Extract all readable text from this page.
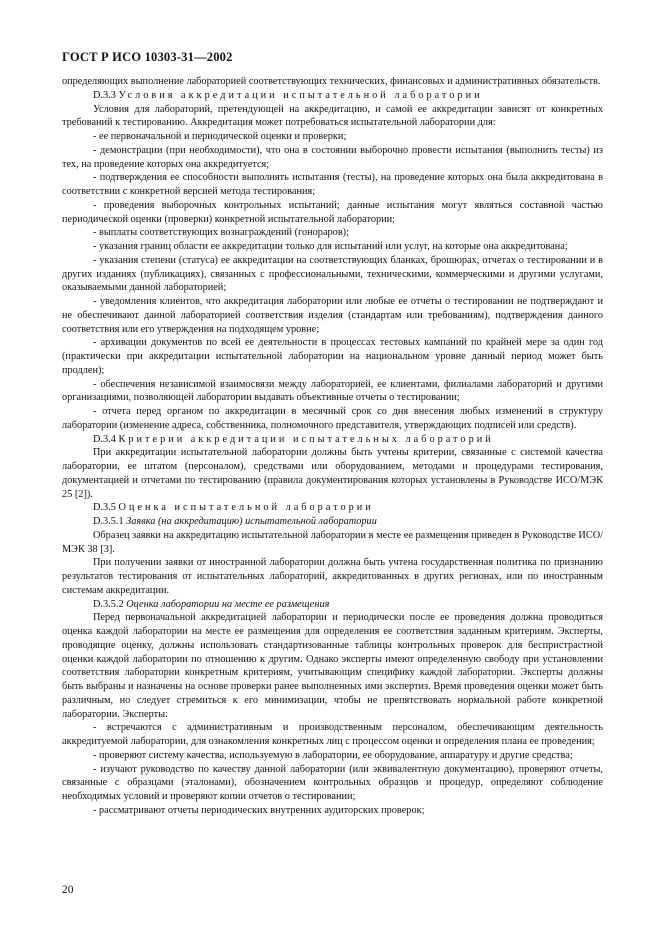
ГОСТ Р ИСО 10303-31—2002

определяющих выполнение лабораторией соответствующих технических, финансовых и административных обязательств.

D.3.3 Условия аккредитации испытательной лаборатории

Условия для лабораторий, претендующей на аккредитацию, и самой ее аккредитации зависят от конкретных требований к тестированию. Аккредитация может потребоваться испытательной лаборатории для:

- ее первоначальной и периодической оценки и проверки;

- демонстрации (при необходимости), что она в состоянии выборочно провести испытания (выполнить тесты) из тех, на проведение которых она аккредитуется;

- подтверждения ее способности выполнять испытания (тесты), на проведение которых она была аккредитована в соответствии с конкретной версией метода тестирования;

- проведения выборочных контрольных испытаний; данные испытания могут являться составной частью периодической оценки (проверки) конкретной испытательной лаборатории;

- выплаты соответствующих вознаграждений (гонораров);

- указания границ области ее аккредитации только для испытаний или услуг, на которые она аккредитована;

- указания степени (статуса) ее аккредитации на соответствующих бланках, брошюрах, отчетах о тестировании и в других изданиях (публикациях), связанных с профессиональными, техническими, коммерческими и другими услугами, оказываемыми данной лабораторией;

- уведомления клиентов, что аккредитация лаборатории или любые ее отчеты о тестировании не подтверждают и не обеспечивают данной лабораторией соответствия изделия (стандартам или требованиям), подтверждения данного соответствия или его утверждения на подходящем уровне;

- архивации документов по всей ее деятельности в процессах тестовых кампаний по крайней мере за один год (практически при аккредитации испытательной лаборатории на национальном уровне данный период может быть продлен);

- обеспечения независимой взаимосвязи между лабораторией, ее клиентами, филиалами лабораторий и другими организациями, позволяющей лаборатории выдавать объективные отчеты о тестировании;

- отчета перед органом по аккредитации в месячный срок со дня внесения любых изменений в структуру лаборатории (изменение адреса, собственника, полномочного представителя, утверждающих подписей или средств).

D.3.4 Критерии аккредитации испытательных лабораторий

При аккредитации испытательной лаборатории должны быть учтены критерии, связанные с системой качества лаборатории, ее штатом (персоналом), средствами или оборудованием, методами и процедурами тестирования, документацией и отчетами по тестированию (правила документирования которых установлены в Руководстве ИСО/МЭК 25 [2]).

D.3.5 Оценка испытательной лаборатории

D.3.5.1 Заявка (на аккредитацию) испытательной лаборатории

Образец заявки на аккредитацию испытательной лаборатории в месте ее размещения приведен в Руководстве ИСО/МЭК 38 [3].

При получении заявки от иностранной лаборатории должна быть учтена государственная политика по признанию результатов тестирования от испытательных лабораторий, аккредитованных в других регионах, или по иностранным системам аккредитации.

D.3.5.2 Оценка лаборатории на месте ее размещения

Перед первоначальной аккредитацией лаборатории и периодически после ее проведения должна проводиться оценка каждой лаборатории на месте ее размещения для определения ее соответствия заданным критериям. Эксперты, проводящие оценку, должны использовать стандартизованные таблицы контрольных проверок для беспристрастной оценки каждой лаборатории по отношению к другим. Однако эксперты имеют определенную свободу при установлении соответствия лаборатории конкретным критериям, учитывающим специфику каждой лаборатории. Эксперты должны быть выбраны и назначены на основе проверки ранее выполненных ими экспертиз. Время проведения оценки может быть различным, но следует стремиться к его минимизации, чтобы не препятствовать нормальной работе конкретной лаборатории. Эксперты:

- встречаются с административным и производственным персоналом, обеспечивающим деятельность аккредитуемой лаборатории, для ознакомления конкретных лиц с процессом оценки и определения плана ее проведения;

- проверяют систему качества, используемую в лаборатории, ее оборудование, аппаратуру и другие средства;

- изучают руководство по качеству данной лаборатории (или эквивалентную документацию), проверяют отчеты, связанные с образцами (эталонами), обозначением контрольных образцов и процедур, определяют соблюдение необходимых условий и проверяют копии отчетов о тестировании;

- рассматривают отчеты периодических внутренних аудиторских проверок;

20
